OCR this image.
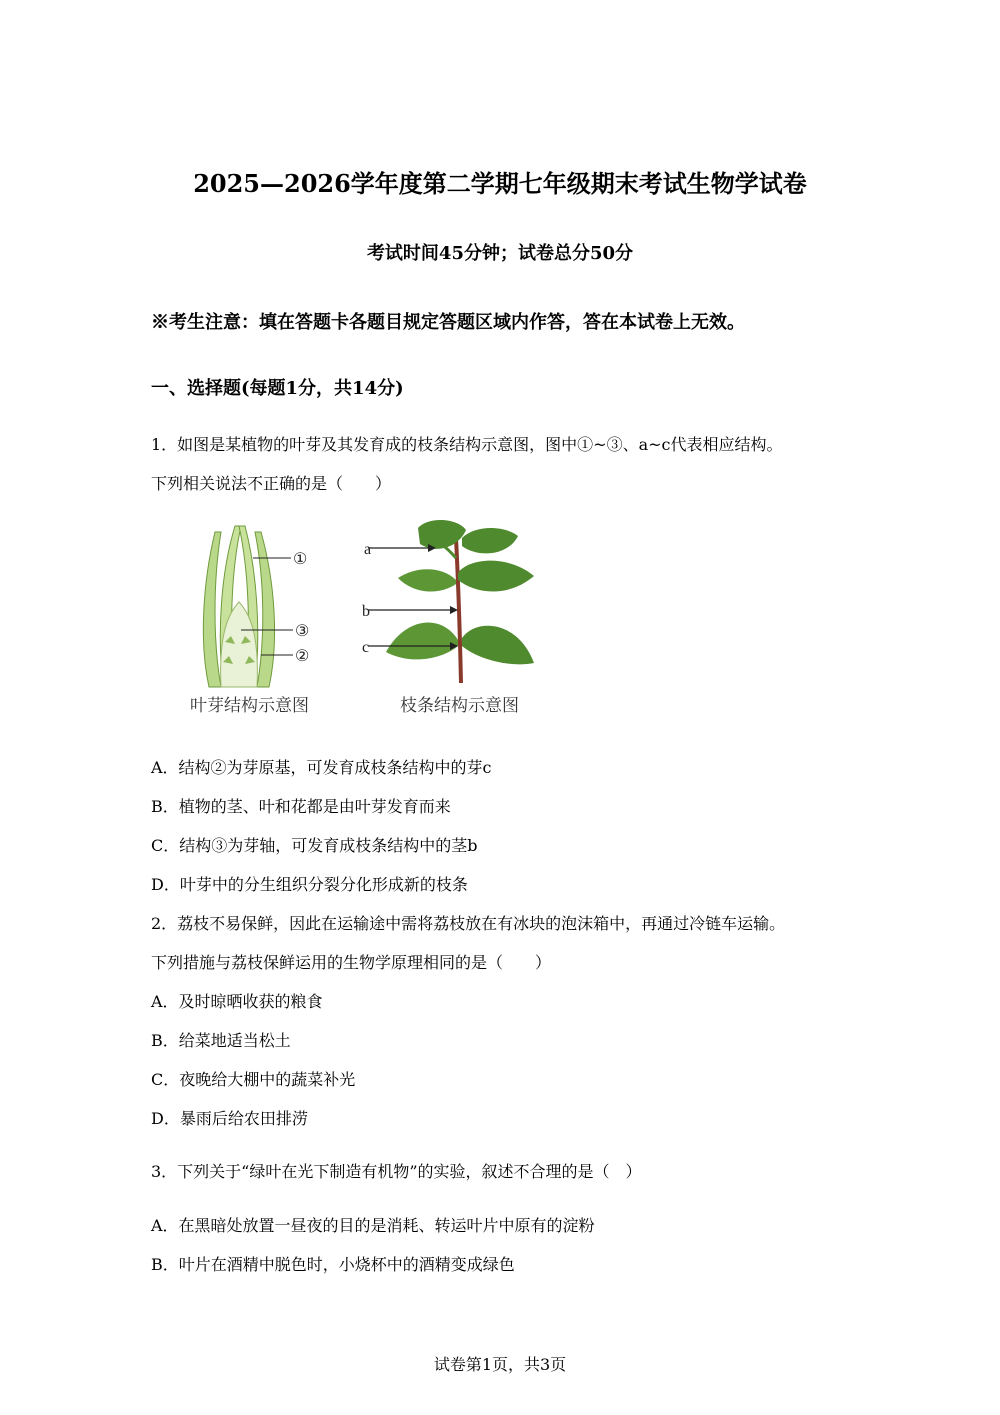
2025—2026学年度第二学期七年级期末考试生物学试卷
考试时间45分钟；试卷总分50分
※考生注意：填在答题卡各题目规定答题区域内作答，答在本试卷上无效。
一、选择题(每题1分，共14分)
1．如图是某植物的叶芽及其发育成的枝条结构示意图，图中①~③、a~c代表相应结构。
下列相关说法不正确的是（　　）
①
③
②
a
b
c
叶芽结构示意图	枝条结构示意图
A．结构②为芽原基，可发育成枝条结构中的芽c
B．植物的茎、叶和花都是由叶芽发育而来
C．结构③为芽轴，可发育成枝条结构中的茎b
D．叶芽中的分生组织分裂分化形成新的枝条
2．荔枝不易保鲜，因此在运输途中需将荔枝放在有冰块的泡沫箱中，再通过冷链车运输。
下列措施与荔枝保鲜运用的生物学原理相同的是（　　）
A．及时晾晒收获的粮食
B．给菜地适当松土
C．夜晚给大棚中的蔬菜补光
D．暴雨后给农田排涝
3．下列关于“绿叶在光下制造有机物”的实验，叙述不合理的是（　）
A．在黑暗处放置一昼夜的目的是消耗、转运叶片中原有的淀粉
B．叶片在酒精中脱色时，小烧杯中的酒精变成绿色
试卷第1页，共3页
